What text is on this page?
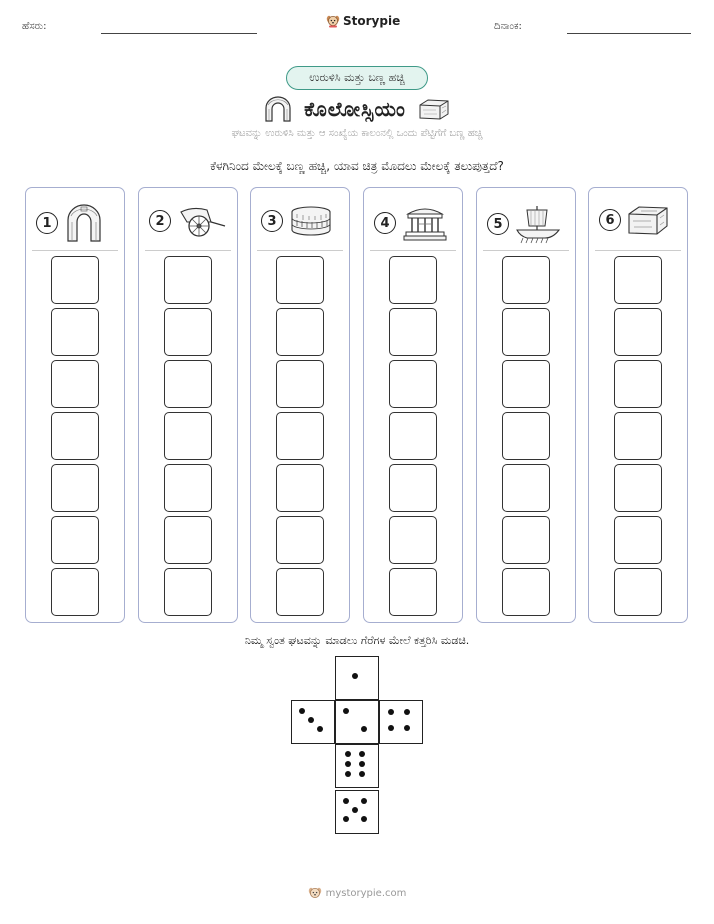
ಹೆಸರು:	Storypie	ದಿನಾಂಕ:
ಉರುಳಿಸಿ ಮತ್ತು ಬಣ್ಣ ಹಚ್ಚಿ
ಕೊಲೋಸ್ಸಿಯಂ
ಘಟವನ್ನು ಉರುಳಿಸಿ ಮತ್ತು ಆ ಸಂಖ್ಯೆಯ ಕಾಲಂನಲ್ಲಿ ಒಂದು ಪೆಟ್ಟಿಗೆಗೆ ಬಣ್ಣ ಹಚ್ಚಿ
ಕೆಳಗಿನಿಂದ ಮೇಲಕ್ಕೆ ಬಣ್ಣ ಹಚ್ಚಿ, ಯಾವ ಚಿತ್ರ ಮೊದಲು ಮೇಲಕ್ಕೆ ತಲುಪುತ್ತದೆ?
1	2	3	4	5	6
ನಿಮ್ಮ ಸ್ವಂತ ಘಟವನ್ನು ಮಾಡಲು ಗೆರೆಗಳ ಮೇಲೆ ಕತ್ತರಿಸಿ ಮಡಚಿ.
mystorypie.com
